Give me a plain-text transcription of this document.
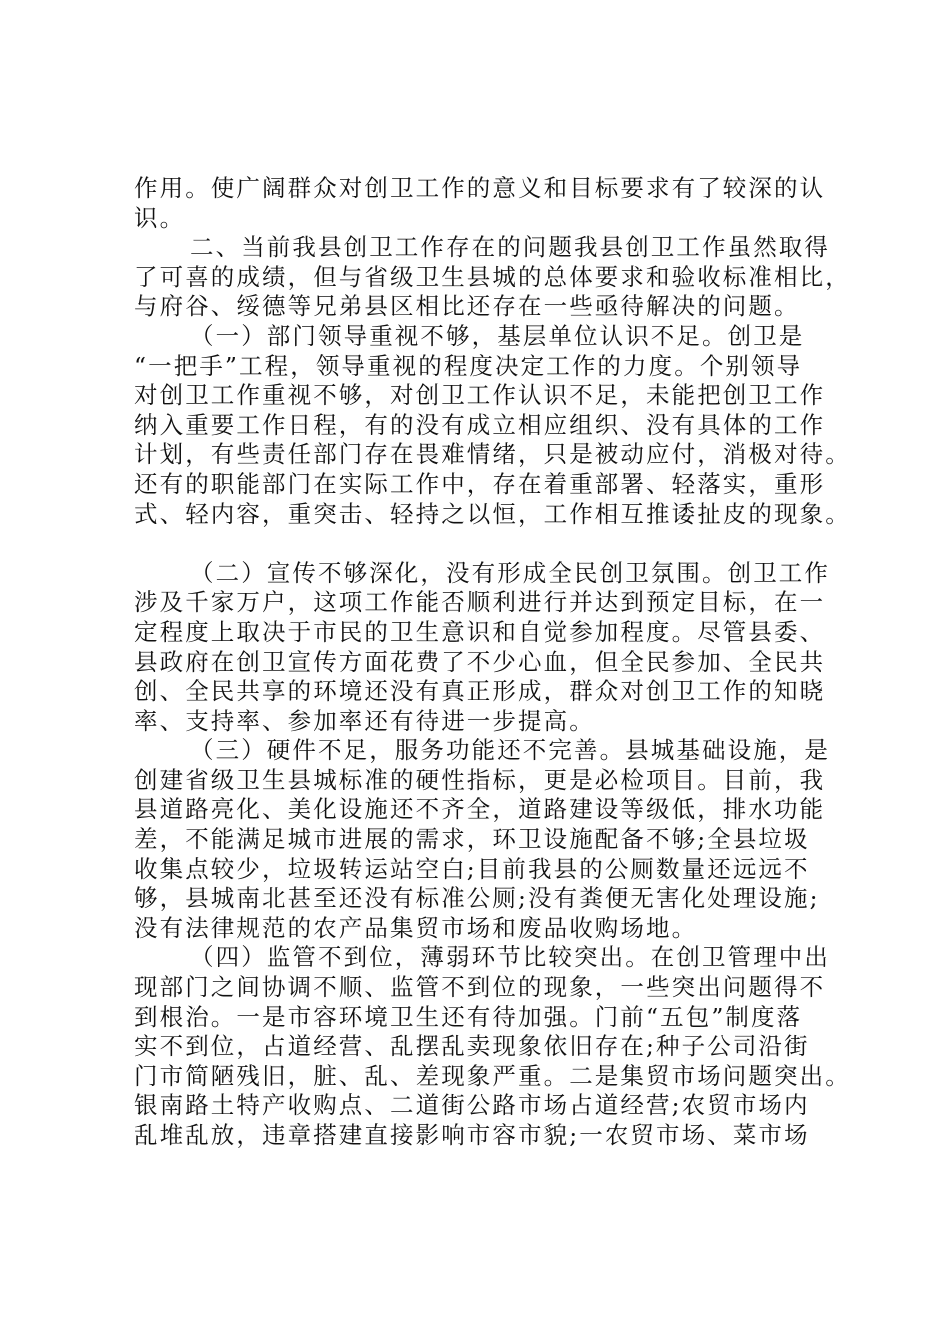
作用。使广阔群众对创卫工作的意义和目标要求有了较深的认
识。
二、当前我县创卫工作存在的问题我县创卫工作虽然取得
了可喜的成绩，但与省级卫生县城的总体要求和验收标准相比，
与府谷、绥德等兄弟县区相比还存在一些亟待解决的问题。
（一）部门领导重视不够，基层单位认识不足。创卫是
“一把手”工程，领导重视的程度决定工作的力度。个别领导
对创卫工作重视不够，对创卫工作认识不足，未能把创卫工作
纳入重要工作日程，有的没有成立相应组织、没有具体的工作
计划，有些责任部门存在畏难情绪，只是被动应付，消极对待。
还有的职能部门在实际工作中，存在着重部署、轻落实，重形
式、轻内容，重突击、轻持之以恒，工作相互推诿扯皮的现象。
（二）宣传不够深化，没有形成全民创卫氛围。创卫工作
涉及千家万户，这项工作能否顺利进行并达到预定目标，在一
定程度上取决于市民的卫生意识和自觉参加程度。尽管县委、
县政府在创卫宣传方面花费了不少心血，但全民参加、全民共
创、全民共享的环境还没有真正形成，群众对创卫工作的知晓
率、支持率、参加率还有待进一步提高。
（三）硬件不足，服务功能还不完善。县城基础设施，是
创建省级卫生县城标准的硬性指标，更是必检项目。目前，我
县道路亮化、美化设施还不齐全，道路建设等级低，排水功能
差，不能满足城市进展的需求，环卫设施配备不够;全县垃圾
收集点较少，垃圾转运站空白;目前我县的公厕数量还远远不
够，县城南北甚至还没有标准公厕;没有粪便无害化处理设施;
没有法律规范的农产品集贸市场和废品收购场地。
（四）监管不到位，薄弱环节比较突出。在创卫管理中出
现部门之间协调不顺、监管不到位的现象，一些突出问题得不
到根治。一是市容环境卫生还有待加强。门前“五包”制度落
实不到位，占道经营、乱摆乱卖现象依旧存在;种子公司沿街
门市简陋残旧，脏、乱、差现象严重。二是集贸市场问题突出。
银南路土特产收购点、二道街公路市场占道经营;农贸市场内
乱堆乱放，违章搭建直接影响市容市貌;一农贸市场、菜市场
